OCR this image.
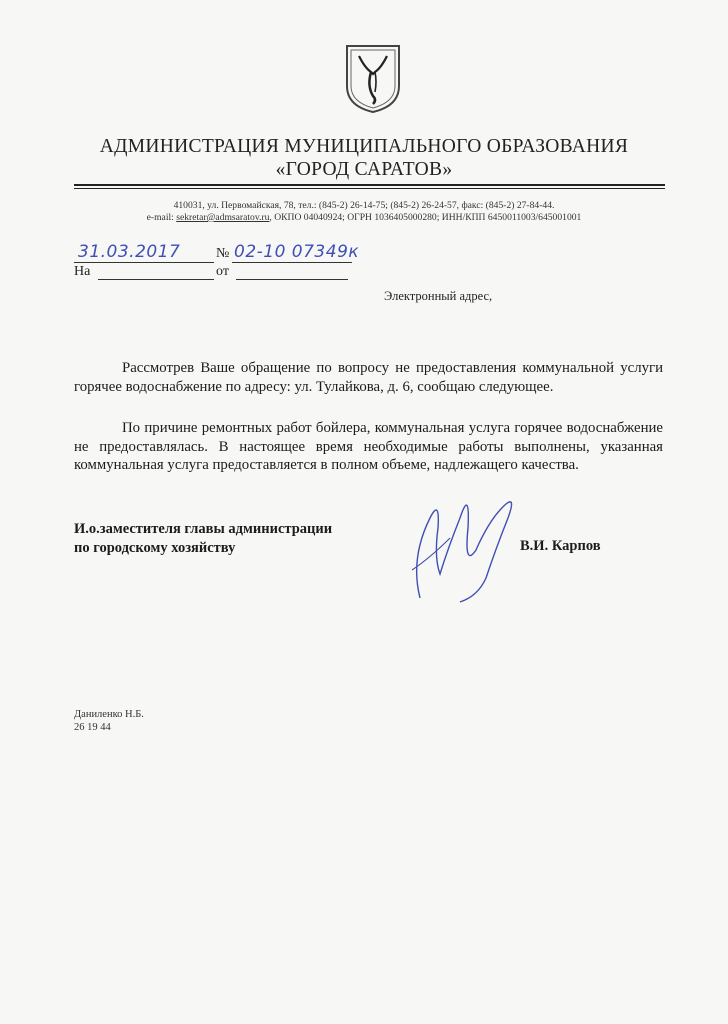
АДМИНИСТРАЦИЯ МУНИЦИПАЛЬНОГО ОБРАЗОВАНИЯ
«ГОРОД САРАТОВ»
410031, ул. Первомайская, 78, тел.: (845-2) 26-14-75; (845-2) 26-24-57, факс: (845-2) 27-84-44.
e-mail: sekretar@admsaratov.ru, ОКПО 04040924; ОГРН 1036405000280; ИНН/КПП 6450011003/645001001
31.03.2017	№ 02-10 07349к
На	от
Электронный адрес,
Рассмотрев Ваше обращение по вопросу не предоставления коммунальной услуги горячее водоснабжение по адресу: ул. Тулайкова, д. 6, сообщаю следующее.
По причине ремонтных работ бойлера, коммунальная услуга горячее водоснабжение не предоставлялась. В настоящее время необходимые работы выполнены, указанная коммунальная услуга предоставляется в полном объеме, надлежащего качества.
И.о.заместителя главы администрации
по городскому хозяйству	В.И. Карпов
Даниленко Н.Б.
26 19 44
